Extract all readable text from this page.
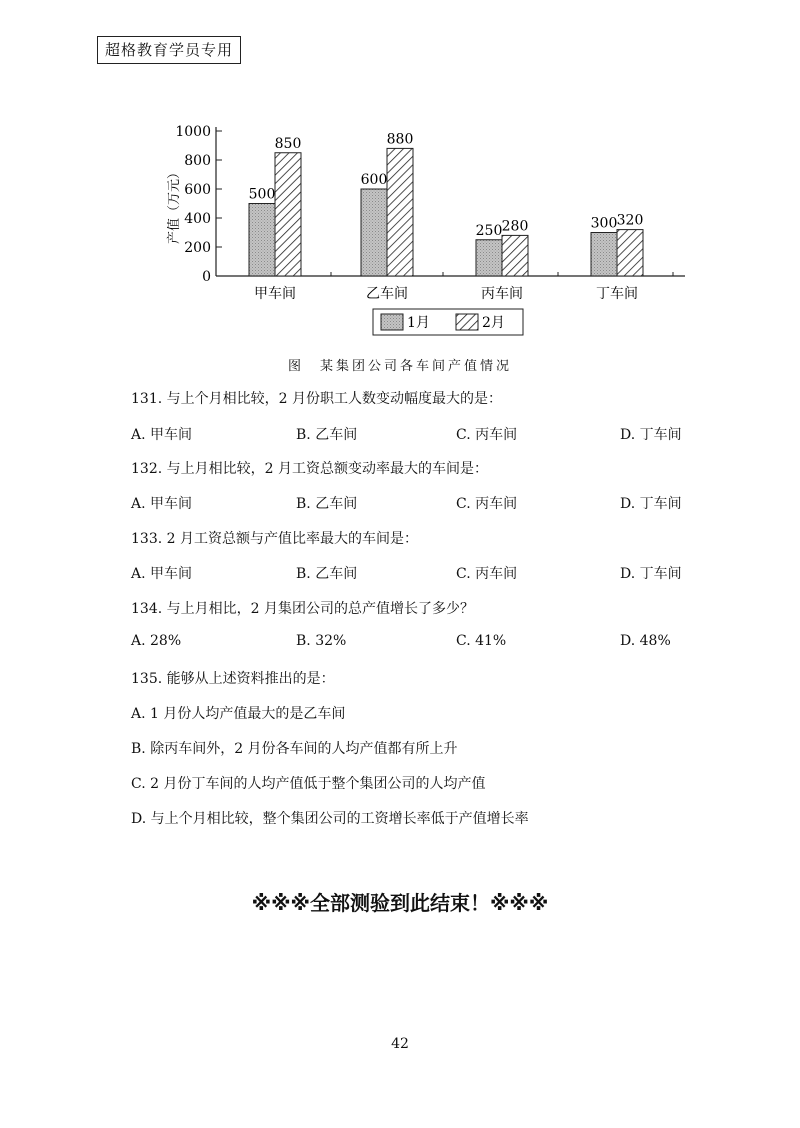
超格教育学员专用
0
200
400
600
800
1000
产值（万元）
甲车间
500
850
乙车间
600
880
丙车间
250 280
丁车间
300 320
1月	2月
图　某集团公司各车间产值情况
131. 与上个月相比较，2 月份职工人数变动幅度最大的是：
A. 甲车间	B. 乙车间	C. 丙车间	D. 丁车间
132. 与上月相比较，2 月工资总额变动率最大的车间是：
A. 甲车间	B. 乙车间	C. 丙车间	D. 丁车间
133. 2 月工资总额与产值比率最大的车间是：
A. 甲车间	B. 乙车间	C. 丙车间	D. 丁车间
134. 与上月相比，2 月集团公司的总产值增长了多少？
A. 28%	B. 32%	C. 41%	D. 48%
135. 能够从上述资料推出的是：
A. 1 月份人均产值最大的是乙车间
B. 除丙车间外，2 月份各车间的人均产值都有所上升
C. 2 月份丁车间的人均产值低于整个集团公司的人均产值
D. 与上个月相比较，整个集团公司的工资增长率低于产值增长率
※※※全部测验到此结束！※※※
42
